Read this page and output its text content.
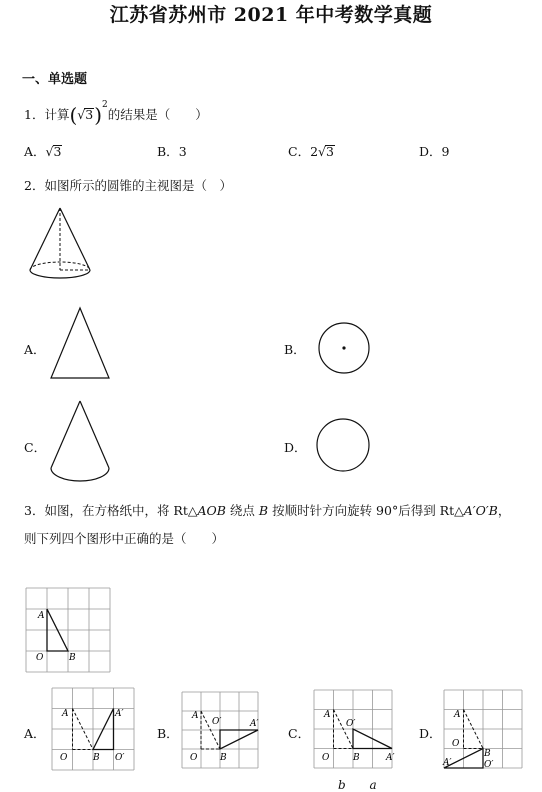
江苏省苏州市 2021 年中考数学真题
一、单选题
1．计算$(√3)^2$的结果是（　　）
A．√3	B．3	C．2√3	D．9
2．如图所示的圆锥的主视图是（　）
A．	B．
C．	D．
3．如图，在方格纸中，将 Rt△AOB 绕点 B 按顺时针方向旋转 90°后得到 Rt△A′O′B，
则下列四个图形中正确的是（　　）
A
O	B
A．
A	A′
O	B O′
B．
A
O′	A′
O	B
C．
A
O′
O	B	A′
D．
A
O
B
A′	O′
b a
